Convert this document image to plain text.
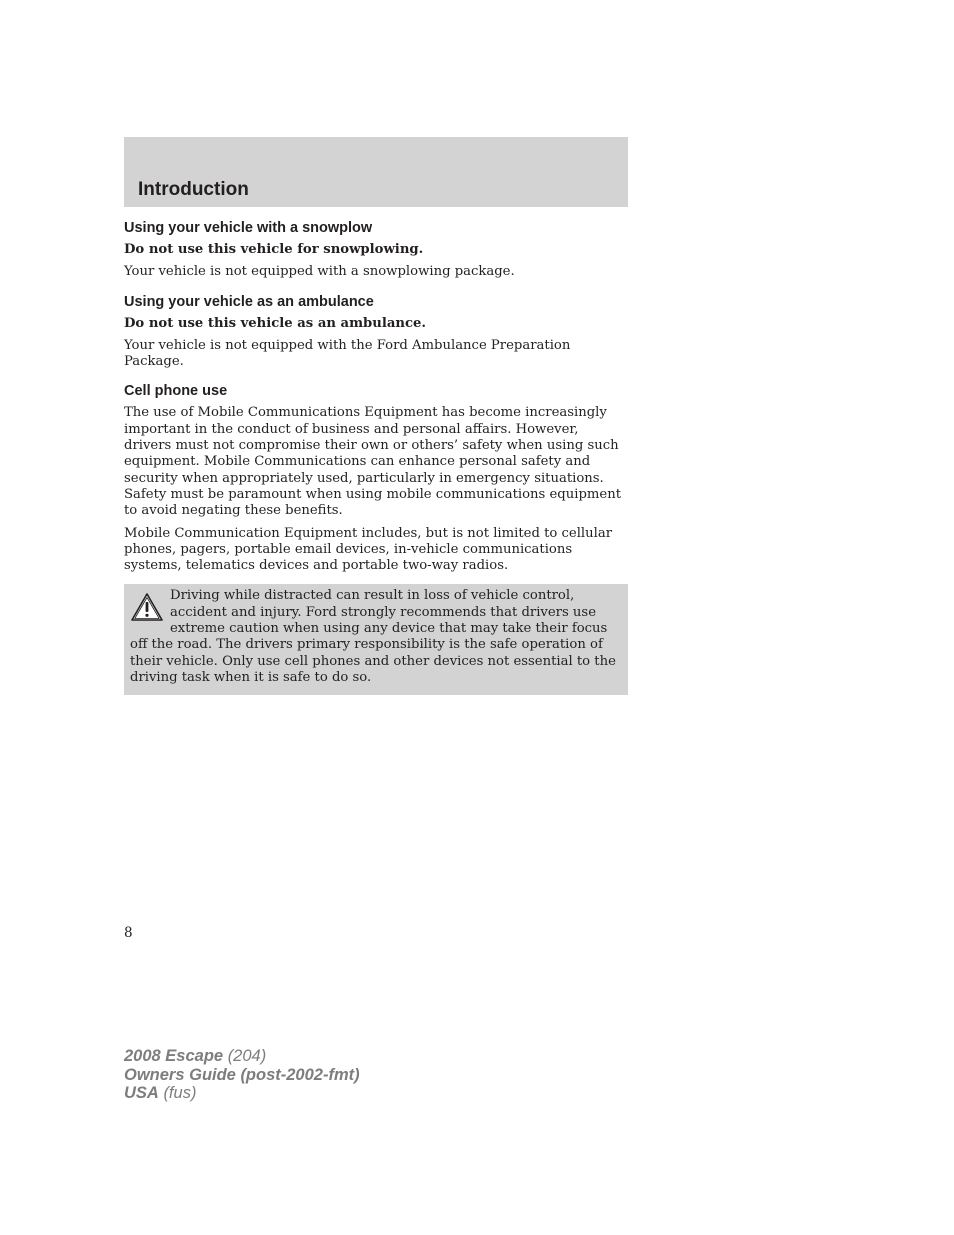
Introduction
Using your vehicle with a snowplow

Do not use this vehicle for snowplowing.

Your vehicle is not equipped with a snowplowing package.

Using your vehicle as an ambulance

Do not use this vehicle as an ambulance.

Your vehicle is not equipped with the Ford Ambulance Preparation Package.

Cell phone use

The use of Mobile Communications Equipment has become increasingly important in the conduct of business and personal affairs. However, drivers must not compromise their own or others’ safety when using such equipment. Mobile Communications can enhance personal safety and security when appropriately used, particularly in emergency situations. Safety must be paramount when using mobile communications equipment to avoid negating these benefits.

Mobile Communication Equipment includes, but is not limited to cellular phones, pagers, portable email devices, in-vehicle communications systems, telematics devices and portable two-way radios.

Driving while distracted can result in loss of vehicle control, accident and injury. Ford strongly recommends that drivers use extreme caution when using any device that may take their focus off the road. The drivers primary responsibility is the safe operation of their vehicle. Only use cell phones and other devices not essential to the driving task when it is safe to do so.

8
2008 Escape (204)
Owners Guide (post-2002-fmt)
USA (fus)
